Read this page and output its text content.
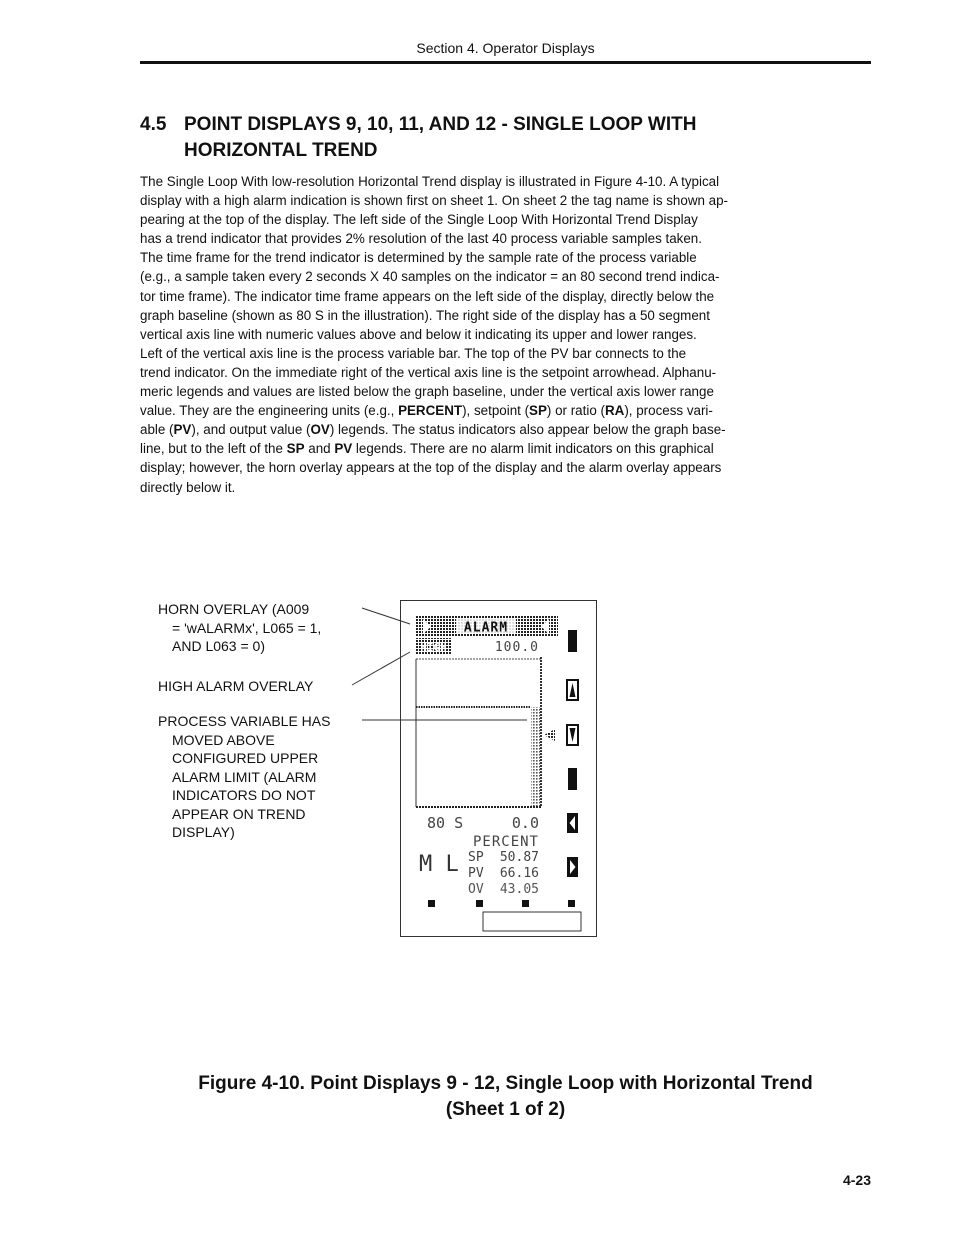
Section 4. Operator Displays
4.5 POINT DISPLAYS 9, 10, 11, AND 12 - SINGLE LOOP WITH
HORIZONTAL TREND
The Single Loop With low-resolution Horizontal Trend display is illustrated in Figure 4-10. A typical
display with a high alarm indication is shown first on sheet 1. On sheet 2 the tag name is shown ap-
pearing at the top of the display. The left side of the Single Loop With Horizontal Trend Display
has a trend indicator that provides 2% resolution of the last 40 process variable samples taken.
The time frame for the trend indicator is determined by the sample rate of the process variable
(e.g., a sample taken every 2 seconds X 40 samples on the indicator = an 80 second trend indica-
tor time frame). The indicator time frame appears on the left side of the display, directly below the
graph baseline (shown as 80 S in the illustration). The right side of the display has a 50 segment
vertical axis line with numeric values above and below it indicating its upper and lower ranges.
Left of the vertical axis line is the process variable bar. The top of the PV bar connects to the
trend indicator. On the immediate right of the vertical axis line is the setpoint arrowhead. Alphanu-
meric legends and values are listed below the graph baseline, under the vertical axis lower range
value. They are the engineering units (e.g., PERCENT), setpoint (SP) or ratio (RA), process vari-
able (PV), and output value (OV) legends. The status indicators also appear below the graph base-
line, but to the left of the SP and PV legends. There are no alarm limit indicators on this graphical
display; however, the horn overlay appears at the top of the display and the alarm overlay appears
directly below it.
HORN OVERLAY (A009
= 'wALARMx', L065 = 1,
AND L063 = 0)
HIGH ALARM OVERLAY
PROCESS VARIABLE HAS
MOVED ABOVE
CONFIGURED UPPER
ALARM LIMIT (ALARM
INDICATORS DO NOT
APPEAR ON TREND
DISPLAY)
ALARM
HIGH	100.0
80 S	0.0
PERCENT
M L SP 50.87
PV 66.16
OV 43.05
Figure 4-10. Point Displays 9 - 12, Single Loop with Horizontal Trend
(Sheet 1 of 2)
4-23
